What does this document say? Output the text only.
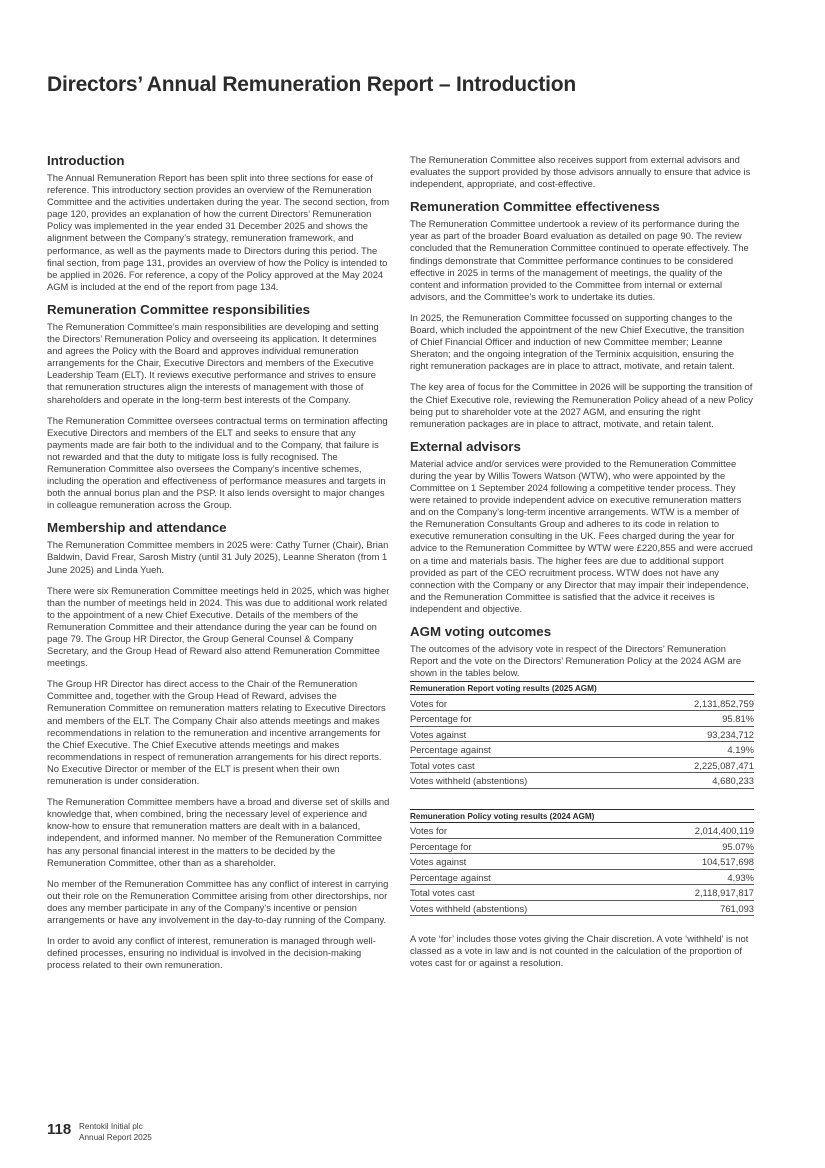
Directors’ Annual Remuneration Report – Introduction
Introduction

The Annual Remuneration Report has been split into three sections for ease of reference. This introductory section provides an overview of the Remuneration Committee and the activities undertaken during the year. The second section, from page 120, provides an explanation of how the current Directors’ Remuneration Policy was implemented in the year ended 31 December 2025 and shows the alignment between the Company’s strategy, remuneration framework, and performance, as well as the payments made to Directors during this period. The final section, from page 131, provides an overview of how the Policy is intended to be applied in 2026. For reference, a copy of the Policy approved at the May 2024 AGM is included at the end of the report from page 134.

Remuneration Committee responsibilities

The Remuneration Committee’s main responsibilities are developing and setting the Directors’ Remuneration Policy and overseeing its application. It determines and agrees the Policy with the Board and approves individual remuneration arrangements for the Chair, Executive Directors and members of the Executive Leadership Team (ELT). It reviews executive performance and strives to ensure that remuneration structures align the interests of management with those of shareholders and operate in the long-term best interests of the Company.

The Remuneration Committee oversees contractual terms on termination affecting Executive Directors and members of the ELT and seeks to ensure that any payments made are fair both to the individual and to the Company, that failure is not rewarded and that the duty to mitigate loss is fully recognised. The Remuneration Committee also oversees the Company’s incentive schemes, including the operation and effectiveness of performance measures and targets in both the annual bonus plan and the PSP. It also lends oversight to major changes in colleague remuneration across the Group.

Membership and attendance

The Remuneration Committee members in 2025 were: Cathy Turner (Chair), Brian Baldwin, David Frear, Sarosh Mistry (until 31 July 2025), Leanne Sheraton (from 1 June 2025) and Linda Yueh.

There were six Remuneration Committee meetings held in 2025, which was higher than the number of meetings held in 2024. This was due to additional work related to the appointment of a new Chief Executive. Details of the members of the Remuneration Committee and their attendance during the year can be found on page 79. The Group HR Director, the Group General Counsel & Company Secretary, and the Group Head of Reward also attend Remuneration Committee meetings.

The Group HR Director has direct access to the Chair of the Remuneration Committee and, together with the Group Head of Reward, advises the Remuneration Committee on remuneration matters relating to Executive Directors and members of the ELT. The Company Chair also attends meetings and makes recommendations in relation to the remuneration and incentive arrangements for the Chief Executive. The Chief Executive attends meetings and makes recommendations in respect of remuneration arrangements for his direct reports. No Executive Director or member of the ELT is present when their own remuneration is under consideration.

The Remuneration Committee members have a broad and diverse set of skills and knowledge that, when combined, bring the necessary level of experience and know-how to ensure that remuneration matters are dealt with in a balanced, independent, and informed manner. No member of the Remuneration Committee has any personal financial interest in the matters to be decided by the Remuneration Committee, other than as a shareholder.

No member of the Remuneration Committee has any conflict of interest in carrying out their role on the Remuneration Committee arising from other directorships, nor does any member participate in any of the Company’s incentive or pension arrangements or have any involvement in the day-to-day running of the Company.

In order to avoid any conflict of interest, remuneration is managed through well-defined processes, ensuring no individual is involved in the decision-making process related to their own remuneration.

The Remuneration Committee also receives support from external advisors and evaluates the support provided by those advisors annually to ensure that advice is independent, appropriate, and cost-effective.

Remuneration Committee effectiveness

The Remuneration Committee undertook a review of its performance during the year as part of the broader Board evaluation as detailed on page 90. The review concluded that the Remuneration Committee continued to operate effectively. The findings demonstrate that Committee performance continues to be considered effective in 2025 in terms of the management of meetings, the quality of the content and information provided to the Committee from internal or external advisors, and the Committee’s work to undertake its duties.

In 2025, the Remuneration Committee focussed on supporting changes to the Board, which included the appointment of the new Chief Executive, the transition of Chief Financial Officer and induction of new Committee member; Leanne Sheraton; and the ongoing integration of the Terminix acquisition, ensuring the right remuneration packages are in place to attract, motivate, and retain talent.

The key area of focus for the Committee in 2026 will be supporting the transition of the Chief Executive role, reviewing the Remuneration Policy ahead of a new Policy being put to shareholder vote at the 2027 AGM, and ensuring the right remuneration packages are in place to attract, motivate, and retain talent.

External advisors

Material advice and/or services were provided to the Remuneration Committee during the year by Willis Towers Watson (WTW), who were appointed by the Committee on 1 September 2024 following a competitive tender process. They were retained to provide independent advice on executive remuneration matters and on the Company’s long-term incentive arrangements. WTW is a member of the Remuneration Consultants Group and adheres to its code in relation to executive remuneration consulting in the UK. Fees charged during the year for advice to the Remuneration Committee by WTW were £220,855 and were accrued on a time and materials basis. The higher fees are due to additional support provided as part of the CEO recruitment process. WTW does not have any connection with the Company or any Director that may impair their independence, and the Remuneration Committee is satisfied that the advice it receives is independent and objective.

AGM voting outcomes

The outcomes of the advisory vote in respect of the Directors’ Remuneration Report and the vote on the Directors’ Remuneration Policy at the 2024 AGM are shown in the tables below.

Remuneration Report voting results (2025 AGM)
Votes for	2,131,852,759
Percentage for	95.81%
Votes against	93,234,712
Percentage against	4.19%
Total votes cast	2,225,087,471
Votes withheld (abstentions)	4,680,233
Remuneration Policy voting results (2024 AGM)
Votes for	2,014,400,119
Percentage for	95.07%
Votes against	104,517,698
Percentage against	4.93%
Total votes cast	2,118,917,817
Votes withheld (abstentions)	761,093

A vote ‘for’ includes those votes giving the Chair discretion. A vote ‘withheld’ is not classed as a vote in law and is not counted in the calculation of the proportion of votes cast for or against a resolution.

118 Rentokil Initial plc
Annual Report 2025
